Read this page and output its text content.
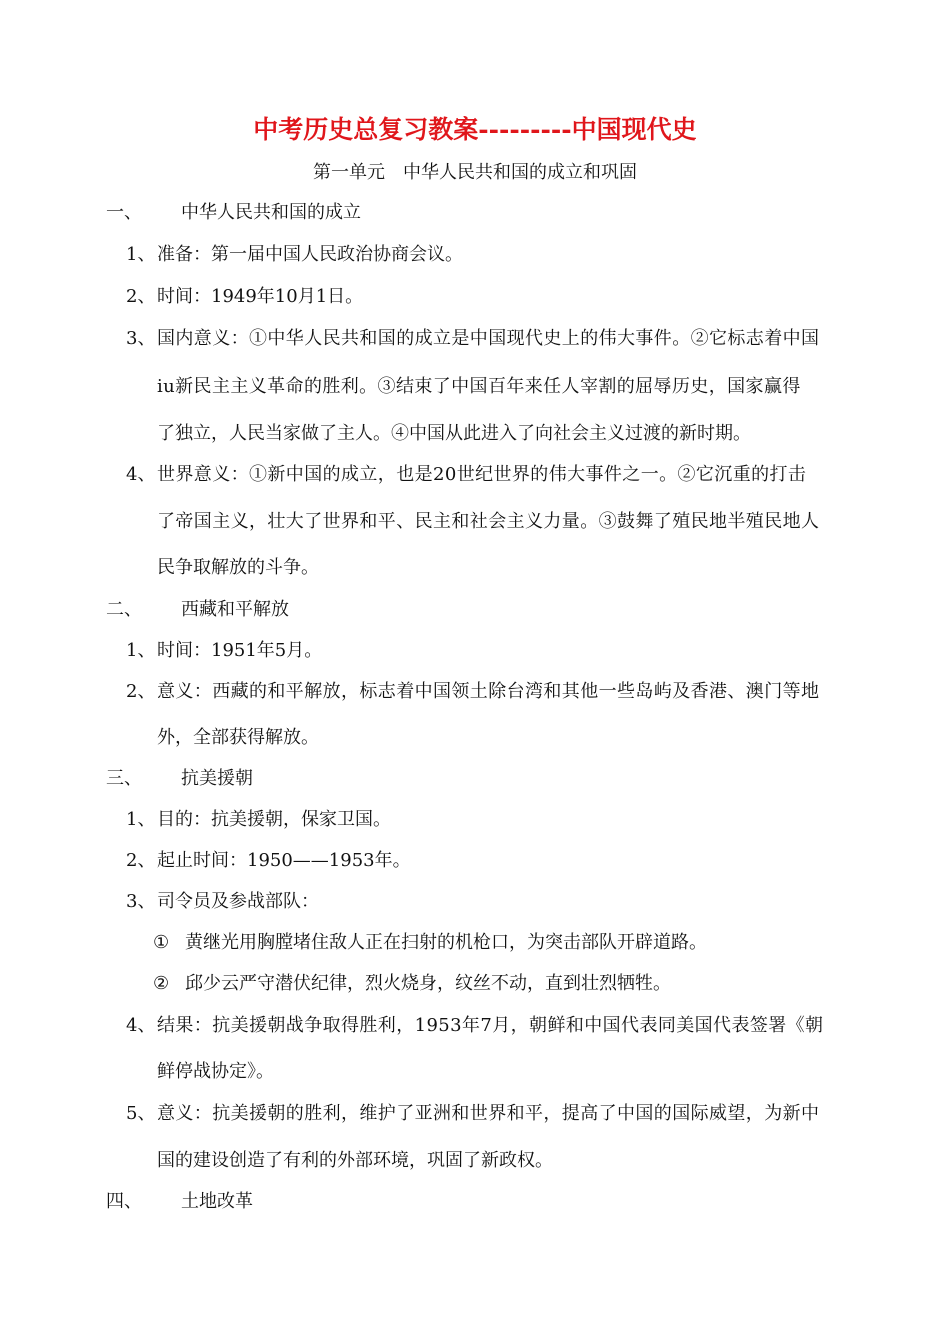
中考历史总复习教案---------中国现代史
第一单元　中华人民共和国的成立和巩固
一、 中华人民共和国的成立
1、 准备：第一届中国人民政治协商会议。
2、 时间：1949年10月1日。
3、 国内意义：①中华人民共和国的成立是中国现代史上的伟大事件。②它标志着中国
iu新民主主义革命的胜利。③结束了中国百年来任人宰割的屈辱历史，国家赢得
了独立，人民当家做了主人。④中国从此进入了向社会主义过渡的新时期。
4、 世界意义：①新中国的成立，也是20世纪世界的伟大事件之一。②它沉重的打击
了帝国主义，壮大了世界和平、民主和社会主义力量。③鼓舞了殖民地半殖民地人
民争取解放的斗争。
二、 西藏和平解放
1、 时间：1951年5月。
2、 意义：西藏的和平解放，标志着中国领土除台湾和其他一些岛屿及香港、澳门等地
外，全部获得解放。
三、 抗美援朝
1、 目的：抗美援朝，保家卫国。
2、 起止时间：1950——1953年。
3、 司令员及参战部队：
① 黄继光用胸膛堵住敌人正在扫射的机枪口，为突击部队开辟道路。
② 邱少云严守潜伏纪律，烈火烧身，纹丝不动，直到壮烈牺牲。
4、 结果：抗美援朝战争取得胜利，1953年7月，朝鲜和中国代表同美国代表签署《朝
鲜停战协定》。
5、 意义：抗美援朝的胜利，维护了亚洲和世界和平，提高了中国的国际威望，为新中
国的建设创造了有利的外部环境，巩固了新政权。
四、 土地改革
